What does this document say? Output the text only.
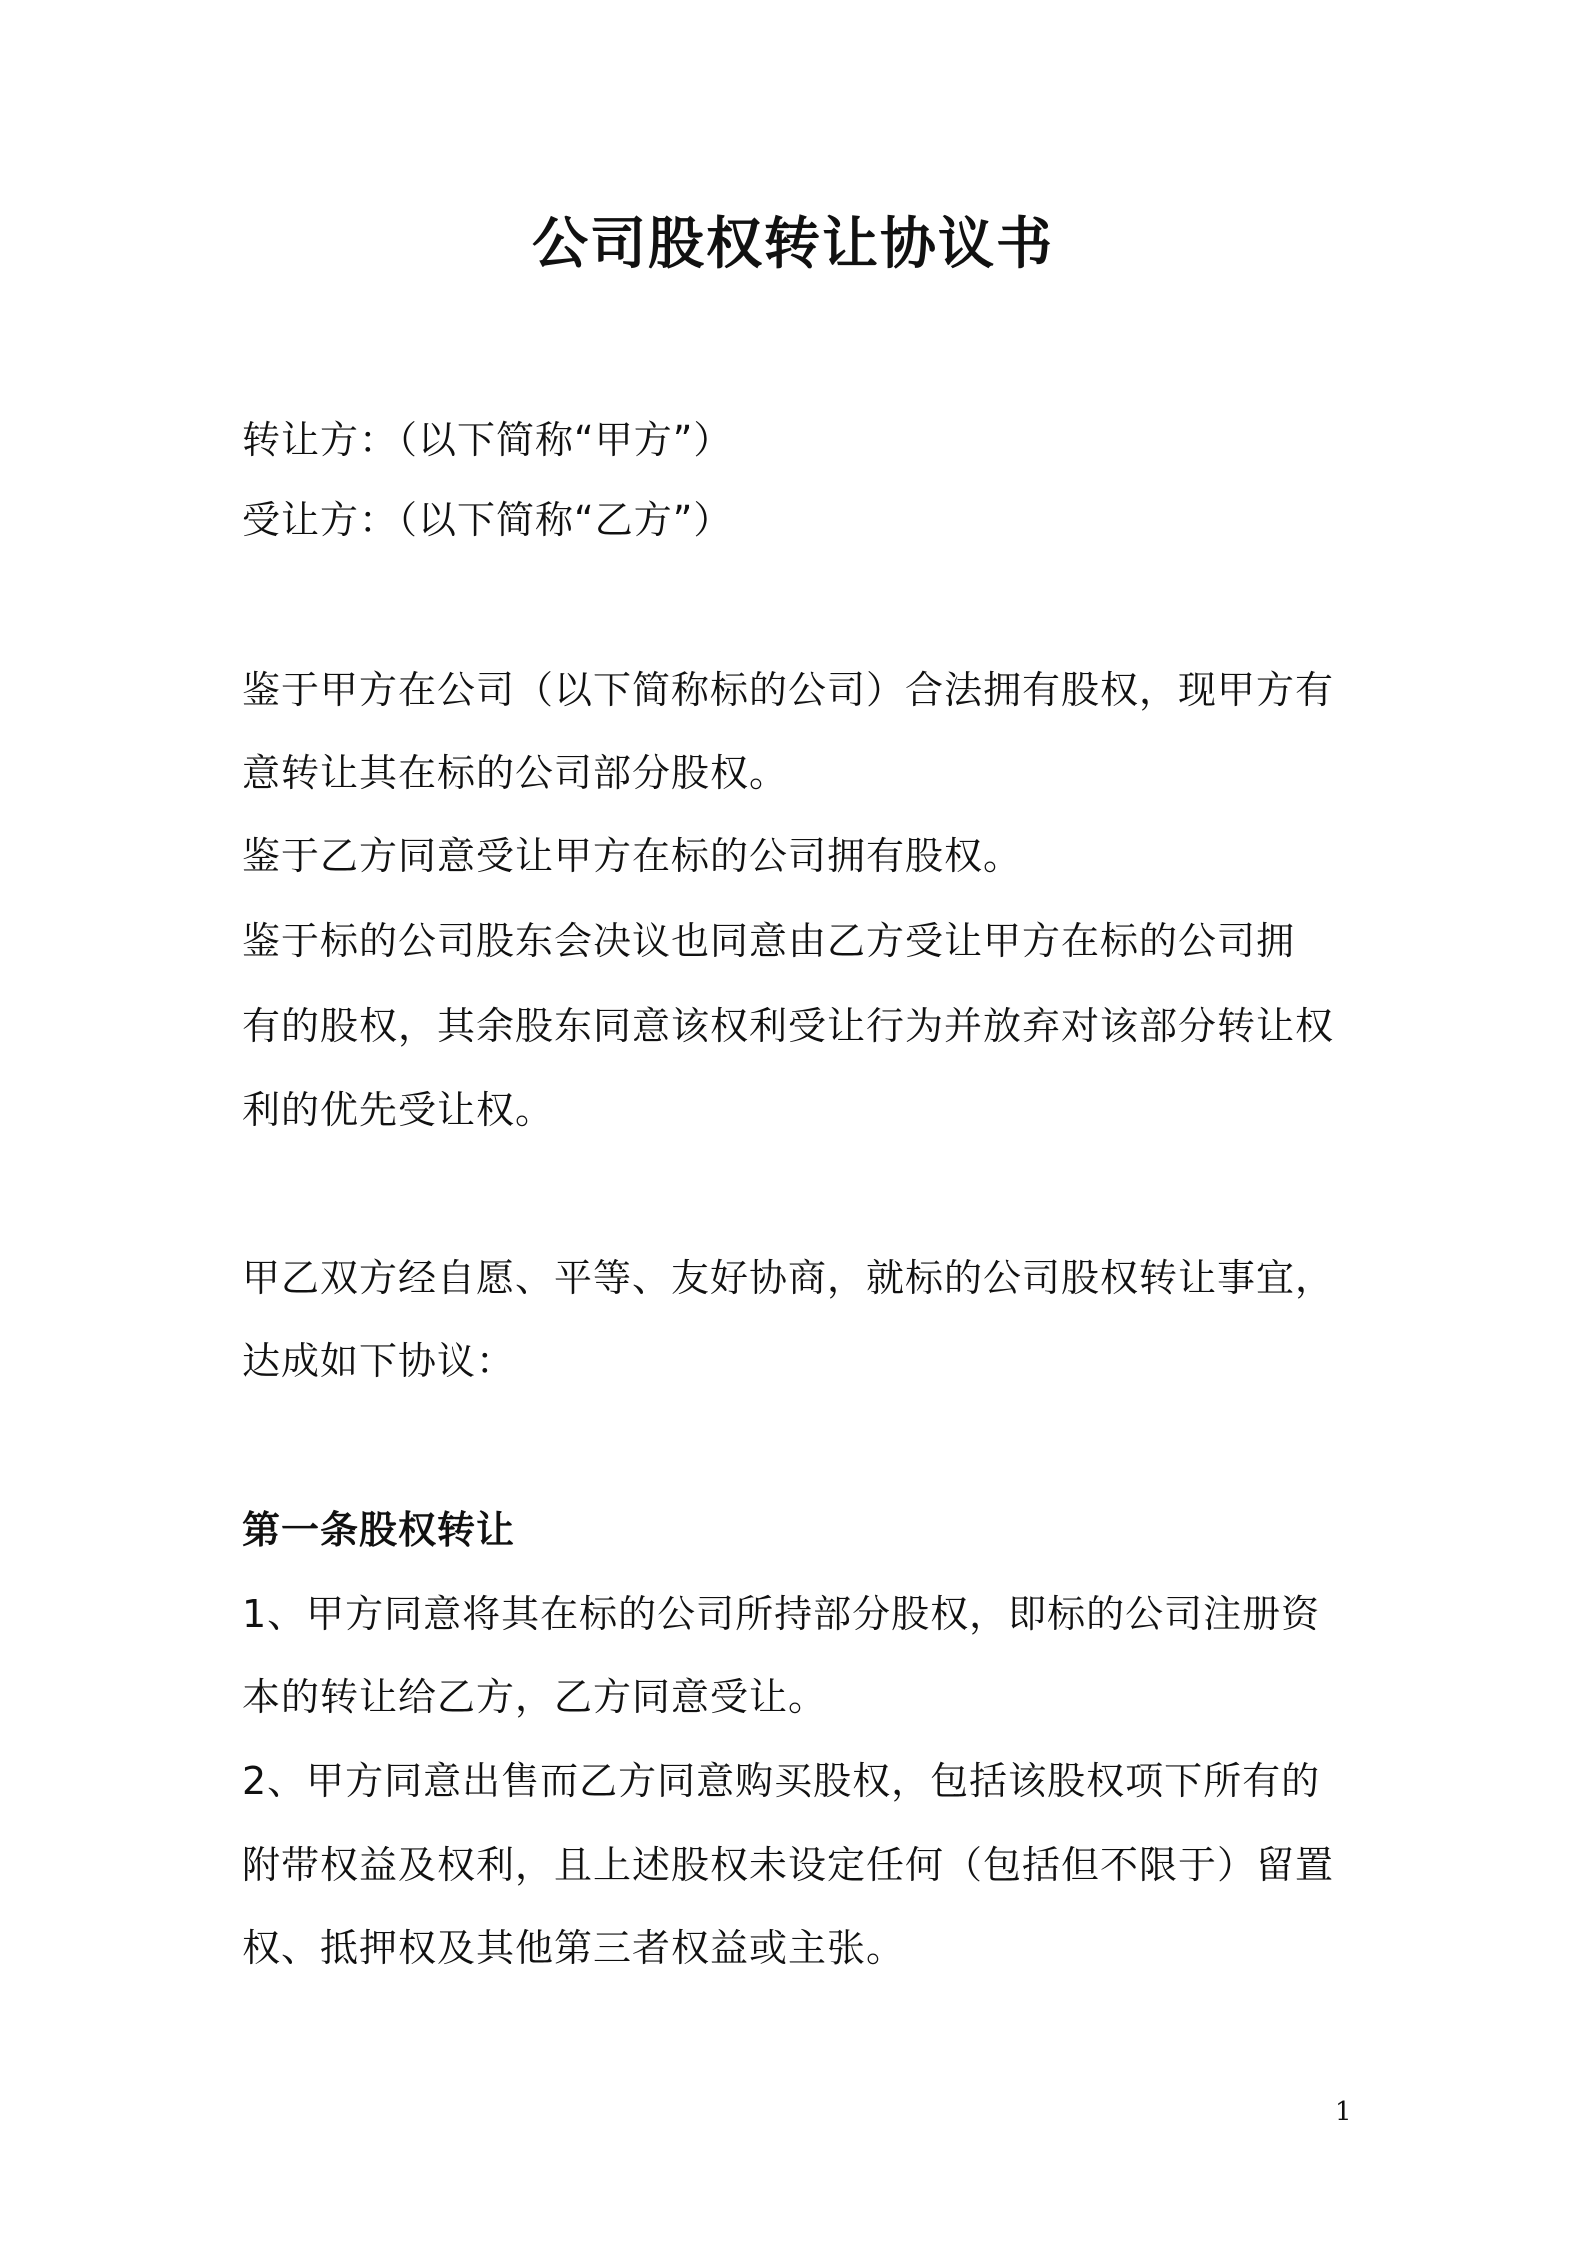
公司股权转让协议书
转让方：（以下简称“甲方”）
受让方：（以下简称“乙方”）
鉴于甲方在公司（以下简称标的公司）合法拥有股权，现甲方有
意转让其在标的公司部分股权。
鉴于乙方同意受让甲方在标的公司拥有股权。
鉴于标的公司股东会决议也同意由乙方受让甲方在标的公司拥
有的股权，其余股东同意该权利受让行为并放弃对该部分转让权
利的优先受让权。
甲乙双方经自愿、平等、友好协商，就标的公司股权转让事宜，
达成如下协议：
第一条股权转让
1、甲方同意将其在标的公司所持部分股权，即标的公司注册资
本的转让给乙方，乙方同意受让。
2、甲方同意出售而乙方同意购买股权，包括该股权项下所有的
附带权益及权利，且上述股权未设定任何（包括但不限于）留置
权、抵押权及其他第三者权益或主张。
1
